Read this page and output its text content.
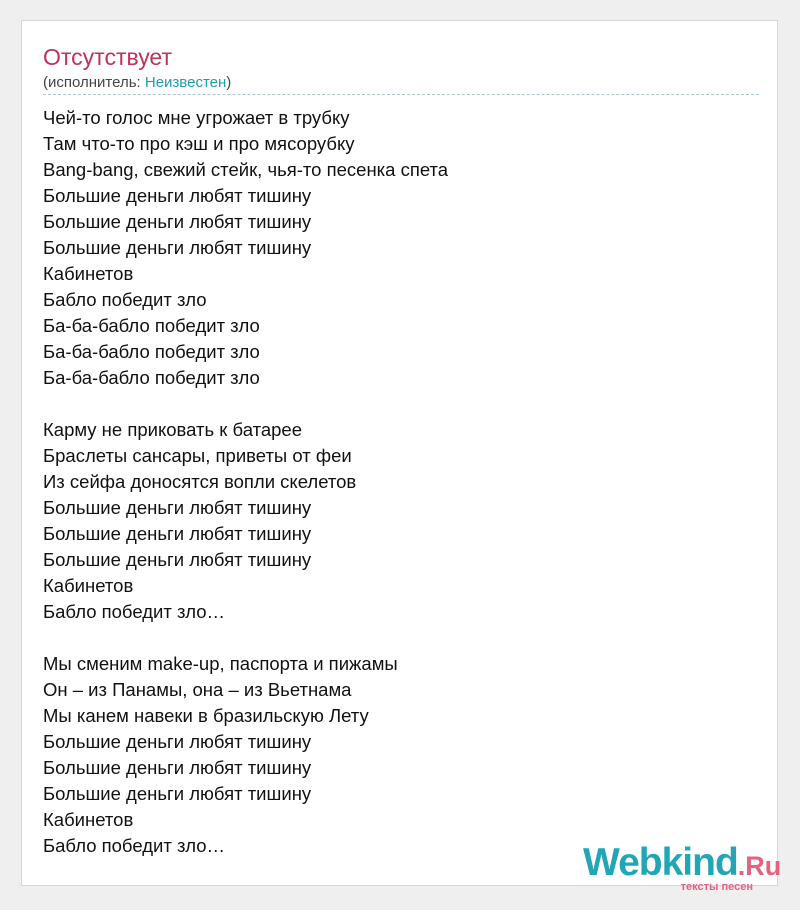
Отсутствует
(исполнитель: Неизвестен)
Чей-то голос мне угрожает в трубку
Там что-то про кэш и про мясорубку
Bang-bang, свежий стейк, чья-то песенка спета
Большие деньги любят тишину
Большие деньги любят тишину
Большие деньги любят тишину
Кабинетов
Бабло победит зло
Ба-ба-бабло победит зло
Ба-ба-бабло победит зло
Ба-ба-бабло победит зло
Карму не приковать к батарее
Браслеты сансары, приветы от феи
Из сейфа доносятся вопли скелетов
Большие деньги любят тишину
Большие деньги любят тишину
Большие деньги любят тишину
Кабинетов
Бабло победит зло…
Мы сменим make-up, паспорта и пижамы
Он – из Панамы, она – из Вьетнама
Мы канем навеки в бразильскую Лету
Большие деньги любят тишину
Большие деньги любят тишину
Большие деньги любят тишину
Кабинетов
Бабло победит зло…	Webkind.Ru
тексты песен
